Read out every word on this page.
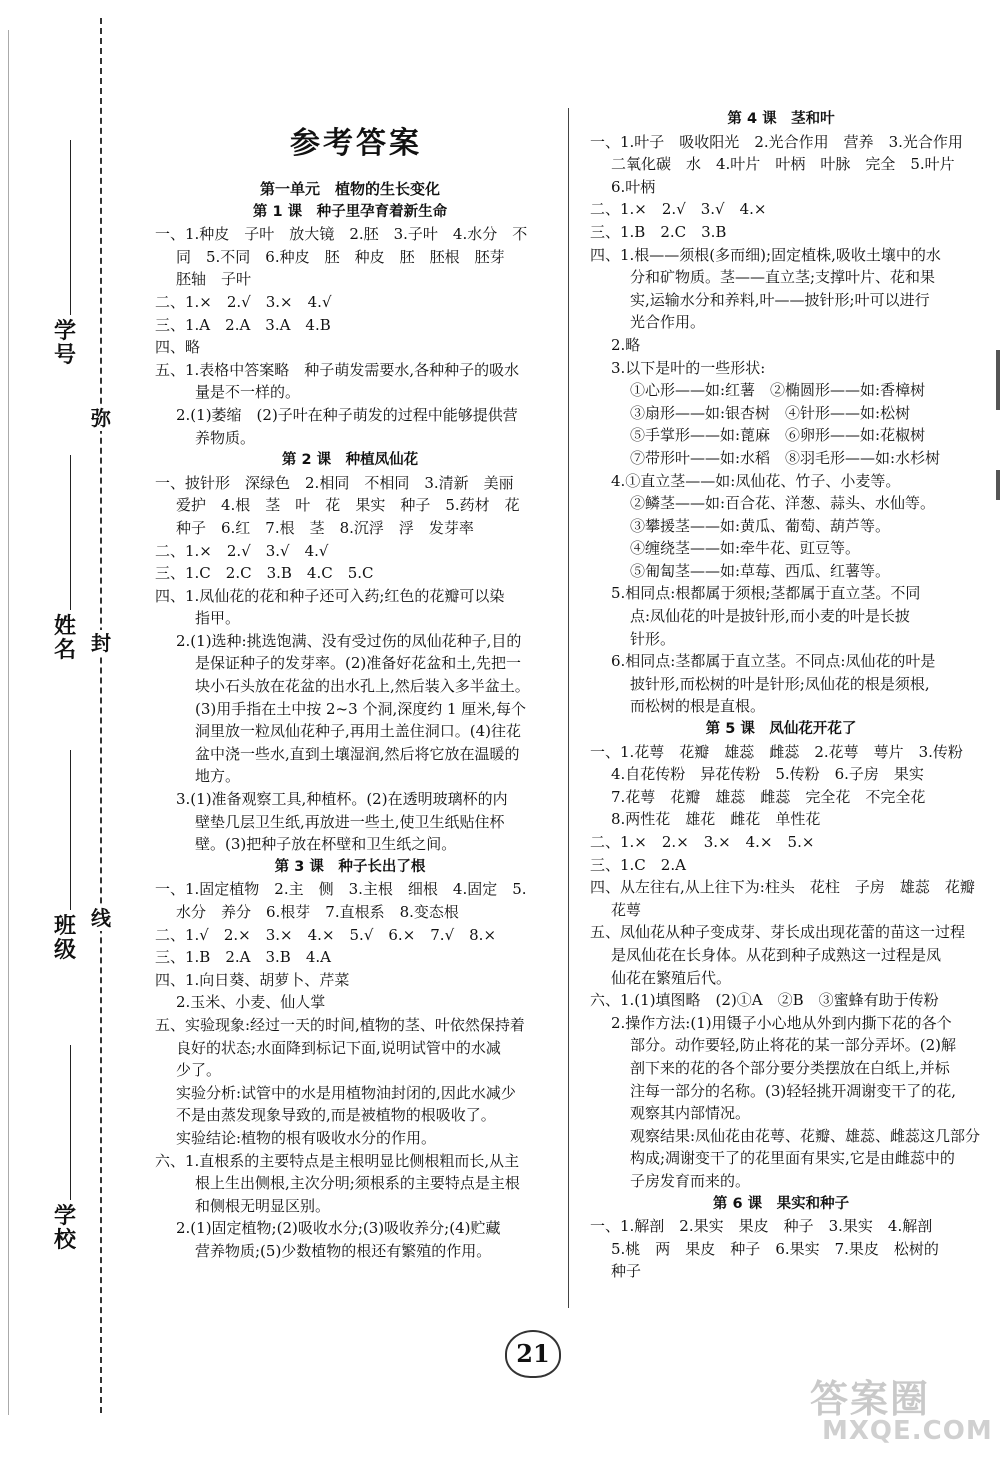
学号
姓名
班级
学校
弥
封
线
参考答案
第一单元　植物的生长变化
第 1 课　种子里孕育着新生命
一、1.种皮　子叶　放大镜　2.胚　3.子叶　4.水分　不
同　5.不同　6.种皮　胚　种皮　胚　胚根　胚芽
胚轴　子叶
二、1.×　2.√　3.×　4.√
三、1.A　2.A　3.A　4.B
四、略
五、1.表格中答案略　种子萌发需要水,各种种子的吸水
量是不一样的。
2.(1)萎缩　(2)子叶在种子萌发的过程中能够提供营
养物质。
第 2 课　种植凤仙花
一、披针形　深绿色　2.相同　不相同　3.清新　美丽
爱护　4.根　茎　叶　花　果实　种子　5.药材　花
种子　6.红　7.根　茎　8.沉浮　浮　发芽率
二、1.×　2.√　3.√　4.√
三、1.C　2.C　3.B　4.C　5.C
四、1.凤仙花的花和种子还可入药;红色的花瓣可以染
指甲。
2.(1)选种:挑选饱满、没有受过伤的凤仙花种子,目的
是保证种子的发芽率。(2)准备好花盆和土,先把一
块小石头放在花盆的出水孔上,然后装入多半盆土。
(3)用手指在土中按 2~3 个洞,深度约 1 厘米,每个
洞里放一粒凤仙花种子,再用土盖住洞口。(4)往花
盆中浇一些水,直到土壤湿润,然后将它放在温暖的
地方。
3.(1)准备观察工具,种植杯。(2)在透明玻璃杯的内
壁垫几层卫生纸,再放进一些土,使卫生纸贴住杯
壁。(3)把种子放在杯壁和卫生纸之间。
第 3 课　种子长出了根
一、1.固定植物　2.主　侧　3.主根　细根　4.固定　5.
水分　养分　6.根芽　7.直根系　8.变态根
二、1.√　2.×　3.×　4.×　5.√　6.×　7.√　8.×
三、1.B　2.A　3.B　4.A
四、1.向日葵、胡萝卜、芹菜
2.玉米、小麦、仙人掌
五、实验现象:经过一天的时间,植物的茎、叶依然保持着
良好的状态;水面降到标记下面,说明试管中的水减
少了。
实验分析:试管中的水是用植物油封闭的,因此水减少
不是由蒸发现象导致的,而是被植物的根吸收了。
实验结论:植物的根有吸收水分的作用。
六、1.直根系的主要特点是主根明显比侧根粗而长,从主
根上生出侧根,主次分明;须根系的主要特点是主根
和侧根无明显区别。
2.(1)固定植物;(2)吸收水分;(3)吸收养分;(4)贮藏
营养物质;(5)少数植物的根还有繁殖的作用。
第 4 课　茎和叶
一、1.叶子　吸收阳光　2.光合作用　营养　3.光合作用
二氧化碳　水　4.叶片　叶柄　叶脉　完全　5.叶片
6.叶柄
二、1.×　2.√　3.√　4.×
三、1.B　2.C　3.B
四、1.根——须根(多而细);固定植株,吸收土壤中的水
分和矿物质。茎——直立茎;支撑叶片、花和果
实,运输水分和养料,叶——披针形;叶可以进行
光合作用。
2.略
3.以下是叶的一些形状:
①心形——如:红薯　②椭圆形——如:香樟树
③扇形——如:银杏树　④针形——如:松树
⑤手掌形——如:蓖麻　⑥卵形——如:花椒树
⑦带形叶——如:水稻　⑧羽毛形——如:水杉树
4.①直立茎——如:凤仙花、竹子、小麦等。
②鳞茎——如:百合花、洋葱、蒜头、水仙等。
③攀援茎——如:黄瓜、葡萄、葫芦等。
④缠绕茎——如:牵牛花、豇豆等。
⑤匍匐茎——如:草莓、西瓜、红薯等。
5.相同点:根都属于须根;茎都属于直立茎。不同
点:凤仙花的叶是披针形,而小麦的叶是长披
针形。
6.相同点:茎都属于直立茎。不同点:凤仙花的叶是
披针形,而松树的叶是针形;凤仙花的根是须根,
而松树的根是直根。
第 5 课　凤仙花开花了
一、1.花萼　花瓣　雄蕊　雌蕊　2.花萼　萼片　3.传粉
4.自花传粉　异花传粉　5.传粉　6.子房　果实
7.花萼　花瓣　雄蕊　雌蕊　完全花　不完全花
8.两性花　雄花　雌花　单性花
二、1.×　2.×　3.×　4.×　5.×
三、1.C　2.A
四、从左往右,从上往下为:柱头　花柱　子房　雄蕊　花瓣
花萼
五、凤仙花从种子变成芽、芽长成出现花蕾的苗这一过程
是凤仙花在长身体。从花到种子成熟这一过程是凤
仙花在繁殖后代。
六、1.(1)填图略　(2)①A　②B　③蜜蜂有助于传粉
2.操作方法:(1)用镊子小心地从外到内撕下花的各个
部分。动作要轻,防止将花的某一部分弄坏。(2)解
剖下来的花的各个部分要分类摆放在白纸上,并标
注每一部分的名称。(3)轻轻挑开凋谢变干了的花,
观察其内部情况。
观察结果:凤仙花由花萼、花瓣、雄蕊、雌蕊这几部分
构成;凋谢变干了的花里面有果实,它是由雌蕊中的
子房发育而来的。
第 6 课　果实和种子
一、1.解剖　2.果实　果皮　种子　3.果实　4.解剖
5.桃　两　果皮　种子　6.果实　7.果皮　松树的
种子
21
答案圈
MXQE.COM
